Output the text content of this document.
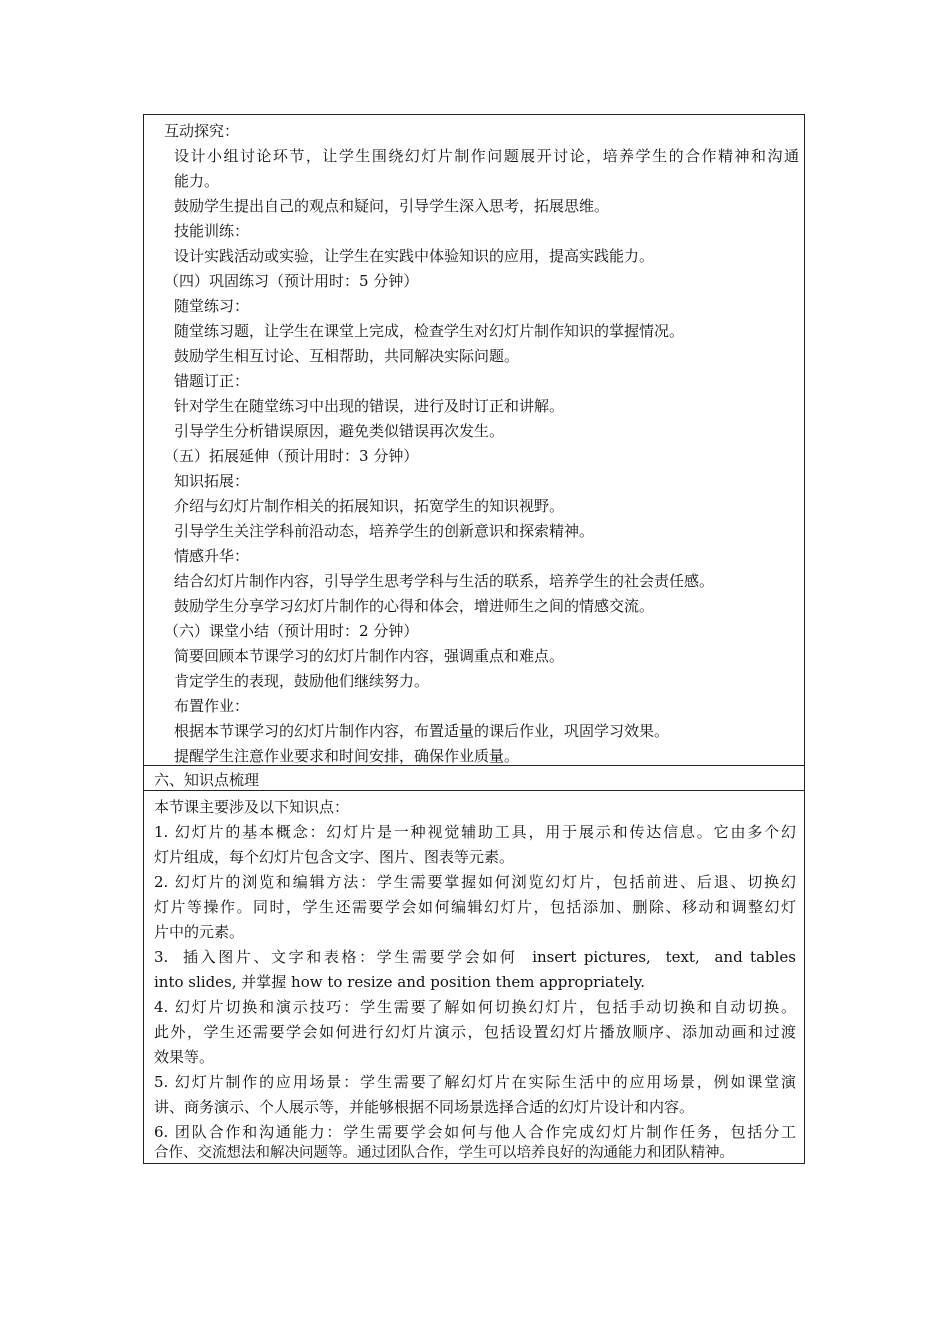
互动探究：
设计小组讨论环节，让学生围绕幻灯片制作问题展开讨论，培养学生的合作精神和沟通
能力。
鼓励学生提出自己的观点和疑问，引导学生深入思考，拓展思维。
技能训练：
设计实践活动或实验，让学生在实践中体验知识的应用，提高实践能力。
（四）巩固练习（预计用时：5 分钟）
随堂练习：
随堂练习题，让学生在课堂上完成，检查学生对幻灯片制作知识的掌握情况。
鼓励学生相互讨论、互相帮助，共同解决实际问题。
错题订正：
针对学生在随堂练习中出现的错误，进行及时订正和讲解。
引导学生分析错误原因，避免类似错误再次发生。
（五）拓展延伸（预计用时：3 分钟）
知识拓展：
介绍与幻灯片制作相关的拓展知识，拓宽学生的知识视野。
引导学生关注学科前沿动态，培养学生的创新意识和探索精神。
情感升华：
结合幻灯片制作内容，引导学生思考学科与生活的联系，培养学生的社会责任感。
鼓励学生分享学习幻灯片制作的心得和体会，增进师生之间的情感交流。
（六）课堂小结（预计用时：2 分钟）
简要回顾本节课学习的幻灯片制作内容，强调重点和难点。
肯定学生的表现，鼓励他们继续努力。
布置作业：
根据本节课学习的幻灯片制作内容，布置适量的课后作业，巩固学习效果。
提醒学生注意作业要求和时间安排，确保作业质量。
六、知识点梳理
本节课主要涉及以下知识点：
1. 幻灯片的基本概念：幻灯片是一种视觉辅助工具，用于展示和传达信息。它由多个幻
灯片组成，每个幻灯片包含文字、图片、图表等元素。
2. 幻灯片的浏览和编辑方法：学生需要掌握如何浏览幻灯片，包括前进、后退、切换幻
灯片等操作。同时，学生还需要学会如何编辑幻灯片，包括添加、删除、移动和调整幻灯
片中的元素。
3.  插入图片、文字和表格：学生需要学会如何  insert pictures,  text,  and tables
into slides, 并掌握 how to resize and position them appropriately.
4. 幻灯片切换和演示技巧：学生需要了解如何切换幻灯片，包括手动切换和自动切换。
此外，学生还需要学会如何进行幻灯片演示，包括设置幻灯片播放顺序、添加动画和过渡
效果等。
5. 幻灯片制作的应用场景：学生需要了解幻灯片在实际生活中的应用场景，例如课堂演
讲、商务演示、个人展示等，并能够根据不同场景选择合适的幻灯片设计和内容。
6. 团队合作和沟通能力：学生需要学会如何与他人合作完成幻灯片制作任务，包括分工
合作、交流想法和解决问题等。通过团队合作，学生可以培养良好的沟通能力和团队精神。
